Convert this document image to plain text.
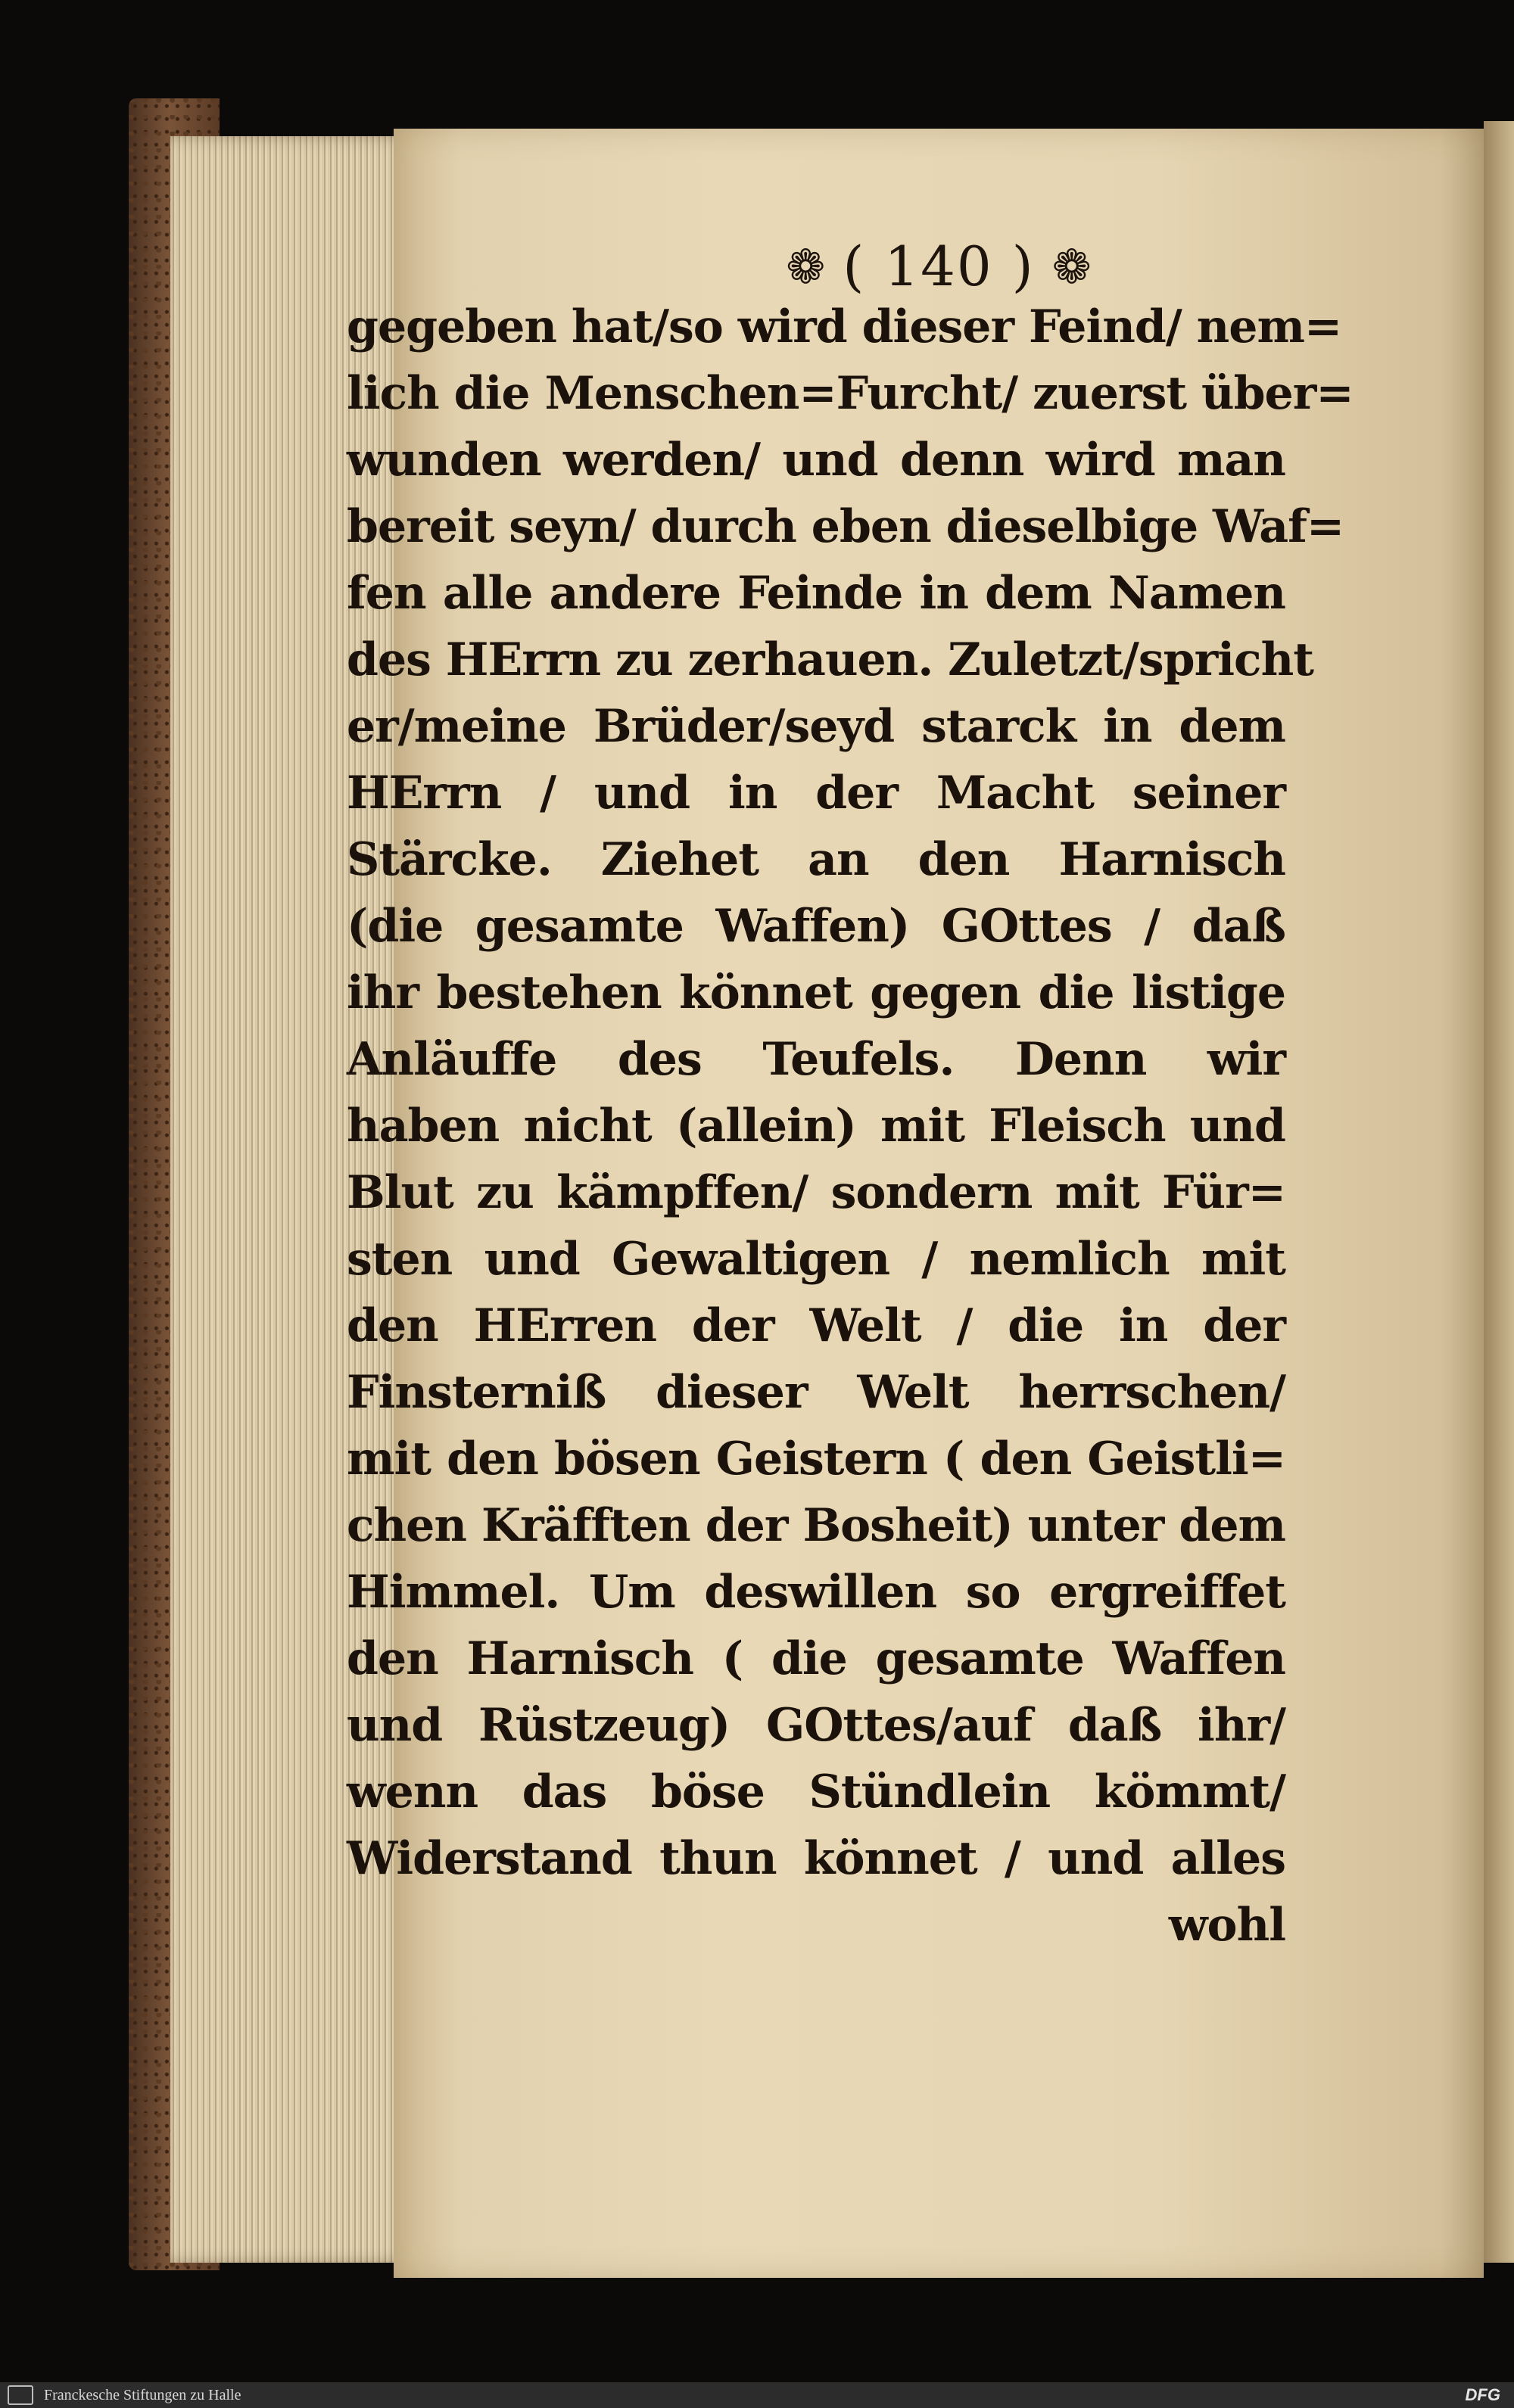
❁ ( 140 ) ❁
gegeben hat/so wird dieser Feind/ nem=
lich die Menschen=Furcht/ zuerst über=
wunden werden/ und denn wird man
bereit seyn/ durch eben dieselbige Waf=
fen alle andere Feinde in dem Namen
des HErrn zu zerhauen. Zuletzt/spricht
er/meine Brüder/seyd starck in dem
HErrn / und in der Macht seiner
Stärcke. Ziehet an den Harnisch
(die gesamte Waffen) GOttes / daß
ihr bestehen könnet gegen die listige
Anläuffe des Teufels. Denn wir
haben nicht (allein) mit Fleisch und
Blut zu kämpffen/ sondern mit Für=
sten und Gewaltigen / nemlich mit
den HErren der Welt / die in der
Finsterniß dieser Welt herrschen/
mit den bösen Geistern ( den Geistli=
chen Kräfften der Bosheit) unter dem
Himmel. Um deswillen so ergreiffet
den Harnisch ( die gesamte Waffen
und Rüstzeug) GOttes/auf daß ihr/
wenn das böse Stündlein kömmt/
Widerstand thun könnet / und alles
wohl
Franckesche Stiftungen zu Halle	DFG
